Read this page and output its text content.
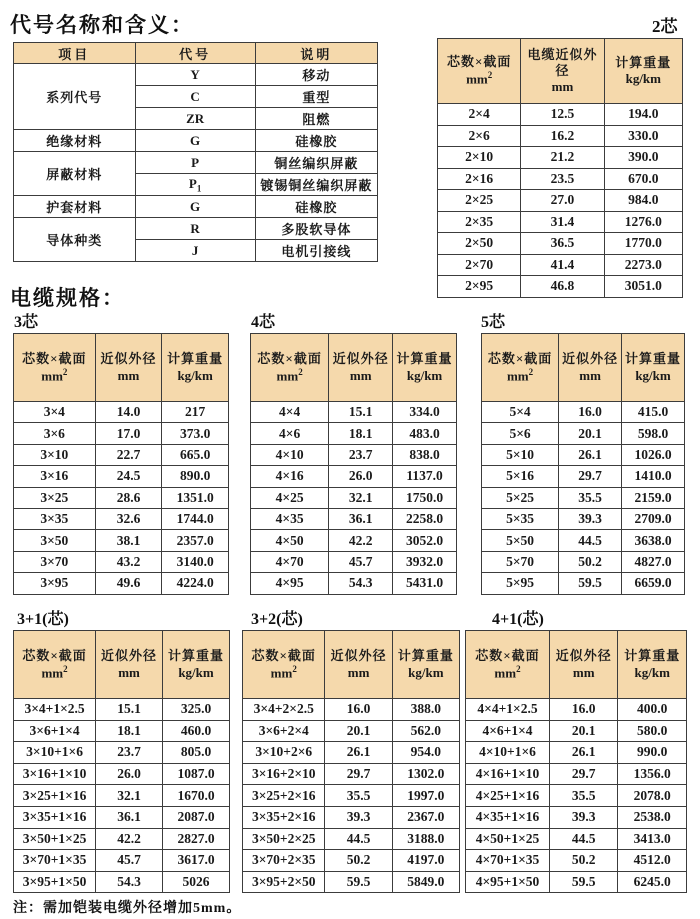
代号名称和含义：	2芯
项目	代号	说明
系列代号	Y	移动
	C	重型
	ZR	阻燃
绝缘材料	G	硅橡胶
屏蔽材料	P	铜丝编织屏蔽
	$P_1$	镀锡铜丝编织屏蔽
护套材料	G	硅橡胶
导体种类	R	多股软导体
	J	电机引接线
芯数×截面
$mm^2$

电缆近似外径
mm

计算重量
kg/km

2×4	12.5	194.0
2×6	16.2	330.0
2×10	21.2	390.0
2×16	23.5	670.0
2×25	27.0	984.0
2×35	31.4	1276.0
2×50	36.5	1770.0
2×70	41.4	2273.0
2×95	46.8	3051.0
电缆规格：
3芯	4芯	5芯
芯数×截面
$mm^2$

近似外径
mm

计算重量
kg/km

3×4	14.0	217
3×6	17.0	373.0
3×10	22.7	665.0
3×16	24.5	890.0
3×25	28.6	1351.0
3×35	32.6	1744.0
3×50	38.1	2357.0
3×70	43.2	3140.0
3×95	49.6	4224.0
芯数×截面
$mm^2$

近似外径
mm

计算重量
kg/km

4×4	15.1	334.0
4×6	18.1	483.0
4×10	23.7	838.0
4×16	26.0	1137.0
4×25	32.1	1750.0
4×35	36.1	2258.0
4×50	42.2	3052.0
4×70	45.7	3932.0
4×95	54.3	5431.0
芯数×截面
$mm^2$

近似外径
mm

计算重量
kg/km

5×4	16.0	415.0
5×6	20.1	598.0
5×10	26.1	1026.0
5×16	29.7	1410.0
5×25	35.5	2159.0
5×35	39.3	2709.0
5×50	44.5	3638.0
5×70	50.2	4827.0
5×95	59.5	6659.0
3+1(芯)	3+2(芯)	4+1(芯)
芯数×截面
$mm^2$

近似外径
mm

计算重量
kg/km

3×4+1×2.5	15.1	325.0
3×6+1×4	18.1	460.0
3×10+1×6	23.7	805.0
3×16+1×10	26.0	1087.0
3×25+1×16	32.1	1670.0
3×35+1×16	36.1	2087.0
3×50+1×25	42.2	2827.0
3×70+1×35	45.7	3617.0
3×95+1×50	54.3	5026
芯数×截面
$mm^2$

近似外径
mm

计算重量
kg/km

3×4+2×2.5	16.0	388.0
3×6+2×4	20.1	562.0
3×10+2×6	26.1	954.0
3×16+2×10	29.7	1302.0
3×25+2×16	35.5	1997.0
3×35+2×16	39.3	2367.0
3×50+2×25	44.5	3188.0
3×70+2×35	50.2	4197.0
3×95+2×50	59.5	5849.0
芯数×截面
$mm^2$

近似外径
mm

计算重量
kg/km

4×4+1×2.5	16.0	400.0
4×6+1×4	20.1	580.0
4×10+1×6	26.1	990.0
4×16+1×10	29.7	1356.0
4×25+1×16	35.5	2078.0
4×35+1×16	39.3	2538.0
4×50+1×25	44.5	3413.0
4×70+1×35	50.2	4512.0
4×95+1×50	59.5	6245.0
注：需加铠装电缆外径增加5mm。
